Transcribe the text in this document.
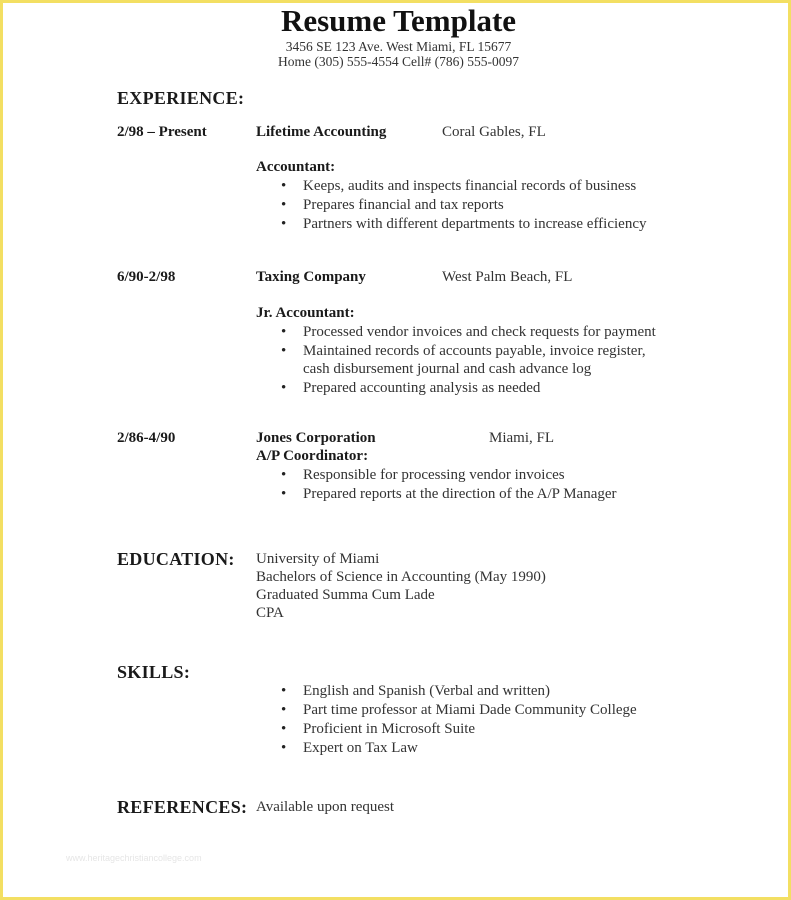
Resume Template
3456 SE 123 Ave. West Miami, FL 15677
Home (305) 555-4554 Cell# (786) 555-0097
EXPERIENCE:
2/98 – Present	Lifetime Accounting	Coral Gables, FL
Accountant:
• Keeps, audits and inspects financial records of business
• Prepares financial and tax reports
• Partners with different departments to increase efficiency
6/90-2/98	Taxing Company	West Palm Beach, FL
Jr. Accountant:
• Processed vendor invoices and check requests for payment
• Maintained records of accounts payable, invoice register,
cash disbursement journal and cash advance log
• Prepared accounting analysis as needed
2/86-4/90	Jones Corporation	Miami, FL
A/P Coordinator:
• Responsible for processing vendor invoices
• Prepared reports at the direction of the A/P Manager
EDUCATION: University of Miami
Bachelors of Science in Accounting (May 1990)
Graduated Summa Cum Lade
CPA
SKILLS:
• English and Spanish (Verbal and written)
• Part time professor at Miami Dade Community College
• Proficient in Microsoft Suite
• Expert on Tax Law
REFERENCES: Available upon request
www.heritagechristiancollege.com
